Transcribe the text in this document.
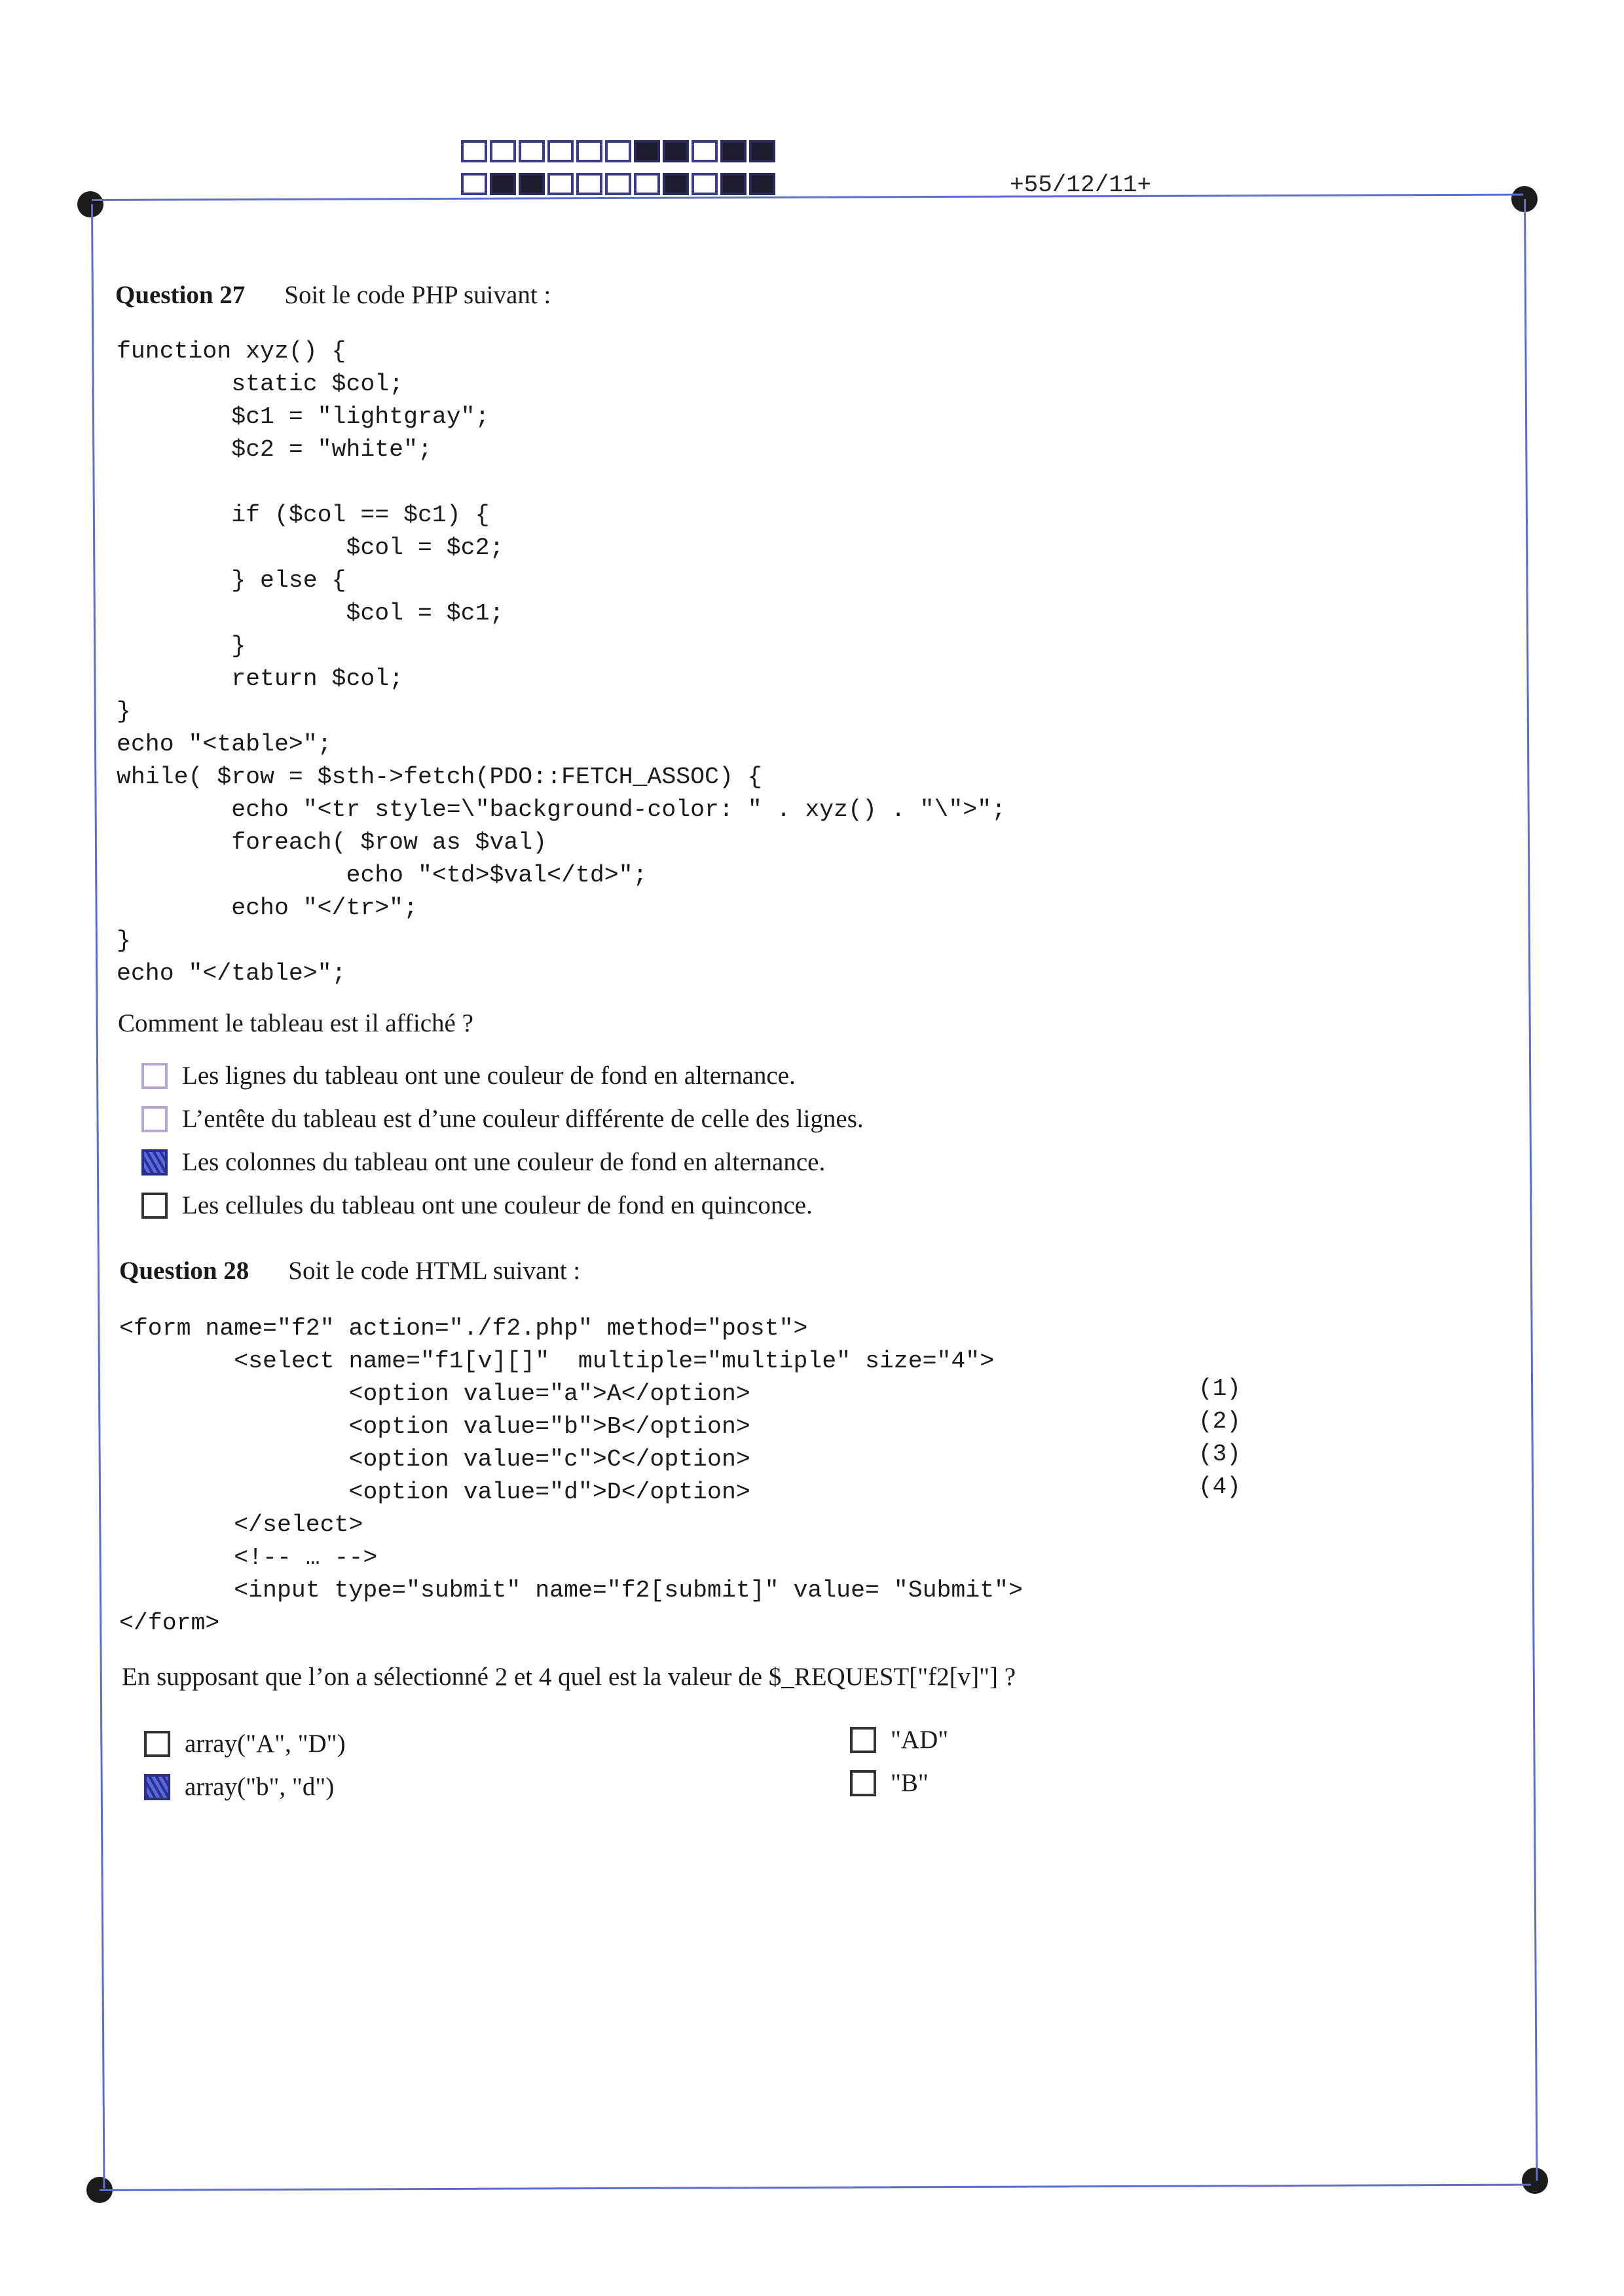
+55/12/11+
Question 27 Soit le code PHP suivant :
function xyz() {
static $col;
$c1 = "lightgray";
$c2 = "white";

if ($col == $c1) {
$col = $c2;
} else {
$col = $c1;
}
return $col;
}
echo "<table>";
while( $row = $sth->fetch(PDO::FETCH_ASSOC) {
echo "<tr style=\"background-color: " . xyz() . "\">";
foreach( $row as $val)
echo "<td>$val</td>";
echo "</tr>";
}
echo "</table>";
Comment le tableau est il affiché ?
Les lignes du tableau ont une couleur de fond en alternance.
L’entête du tableau est d’une couleur différente de celle des lignes.
Les colonnes du tableau ont une couleur de fond en alternance.
Les cellules du tableau ont une couleur de fond en quinconce.
Question 28 Soit le code HTML suivant :
<form name="f2" action="./f2.php" method="post">
<select name="f1[v][]"  multiple="multiple" size="4">
<option value="a">A</option>
<option value="b">B</option>
<option value="c">C</option>
<option value="d">D</option>
</select>
<!-- … -->
<input type="submit" name="f2[submit]" value= "Submit">
</form>
(1)
(2)
(3)
(4)
En supposant que l’on a sélectionné 2 et 4 quel est la valeur de $_REQUEST["f2[v]"] ?
array("A", "D")
array("b", "d")
"AD"
"B"
